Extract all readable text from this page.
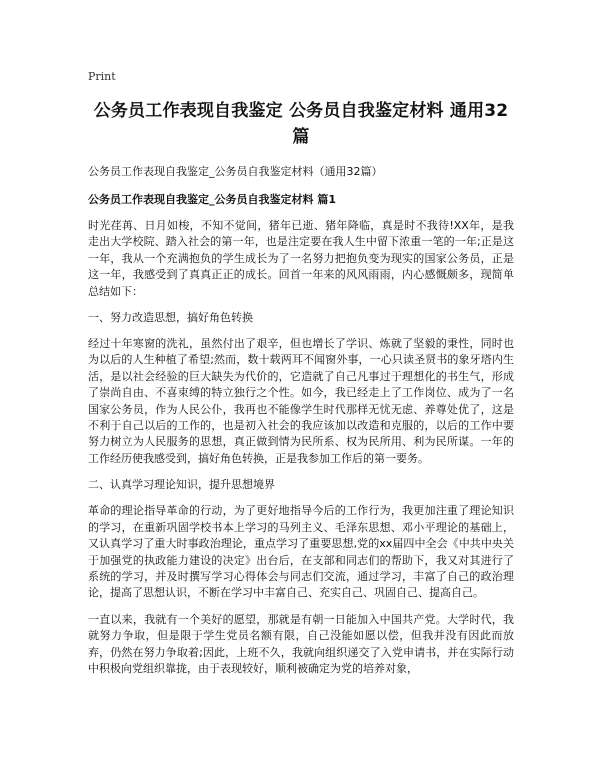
Print
公务员工作表现自我鉴定 公务员自我鉴定材料 通用32篇
公务员工作表现自我鉴定_公务员自我鉴定材料（通用32篇）
公务员工作表现自我鉴定_公务员自我鉴定材料 篇1

时光荏苒、日月如梭，不知不觉间，猪年已逝、猪年降临，真是时不我待!XX年，是我走出大学校院、踏入社会的第一年，也是注定要在我人生中留下浓重一笔的一年;正是这一年，我从一个充满抱负的学生成长为了一名努力把抱负变为现实的国家公务员，正是这一年，我感受到了真真正正的成长。回首一年来的风风雨雨，内心感慨颇多，现简单总结如下：

一、努力改造思想，搞好角色转换

经过十年寒窗的洗礼，虽然付出了艰辛，但也增长了学识、炼就了坚毅的秉性，同时也为以后的人生种植了希望;然而，数十载两耳不闻窗外事，一心只读圣贤书的象牙塔内生活，是以社会经验的巨大缺失为代价的，它造就了自己凡事过于理想化的书生气，形成了崇尚自由、不喜束缚的特立独行之个性。如今，我已经走上了工作岗位、成为了一名国家公务员，作为人民公仆，我再也不能像学生时代那样无忧无虑、养尊处优了，这是不利于自己以后的工作的，也是初入社会的我应该加以改造和克服的，以后的工作中要努力树立为人民服务的思想，真正做到情为民所系、权为民所用、利为民所谋。一年的工作经历使我感受到，搞好角色转换，正是我参加工作后的第一要务。

二、认真学习理论知识，提升思想境界

革命的理论指导革命的行动，为了更好地指导今后的工作行为，我更加注重了理论知识的学习，在重新巩固学校书本上学习的马列主义、毛泽东思想、邓小平理论的基础上，又认真学习了重大时事政治理论，重点学习了重要思想,党的xx届四中全会《中共中央关于加强党的执政能力建设的决定》出台后，在支部和同志们的帮助下，我又对其进行了系统的学习，并及时撰写学习心得体会与同志们交流，通过学习，丰富了自己的政治理论，提高了思想认识，不断在学习中丰富自己、充实自己、巩固自己、提高自己。

一直以来，我就有一个美好的愿望，那就是有朝一日能加入中国共产党。大学时代，我就努力争取，但是限于学生党员名额有限，自己没能如愿以偿，但我并没有因此而放弃，仍然在努力争取着;因此，上班不久，我就向组织递交了入党申请书，并在实际行动中积极向党组织靠拢，由于表现较好，顺利被确定为党的培养对象，
